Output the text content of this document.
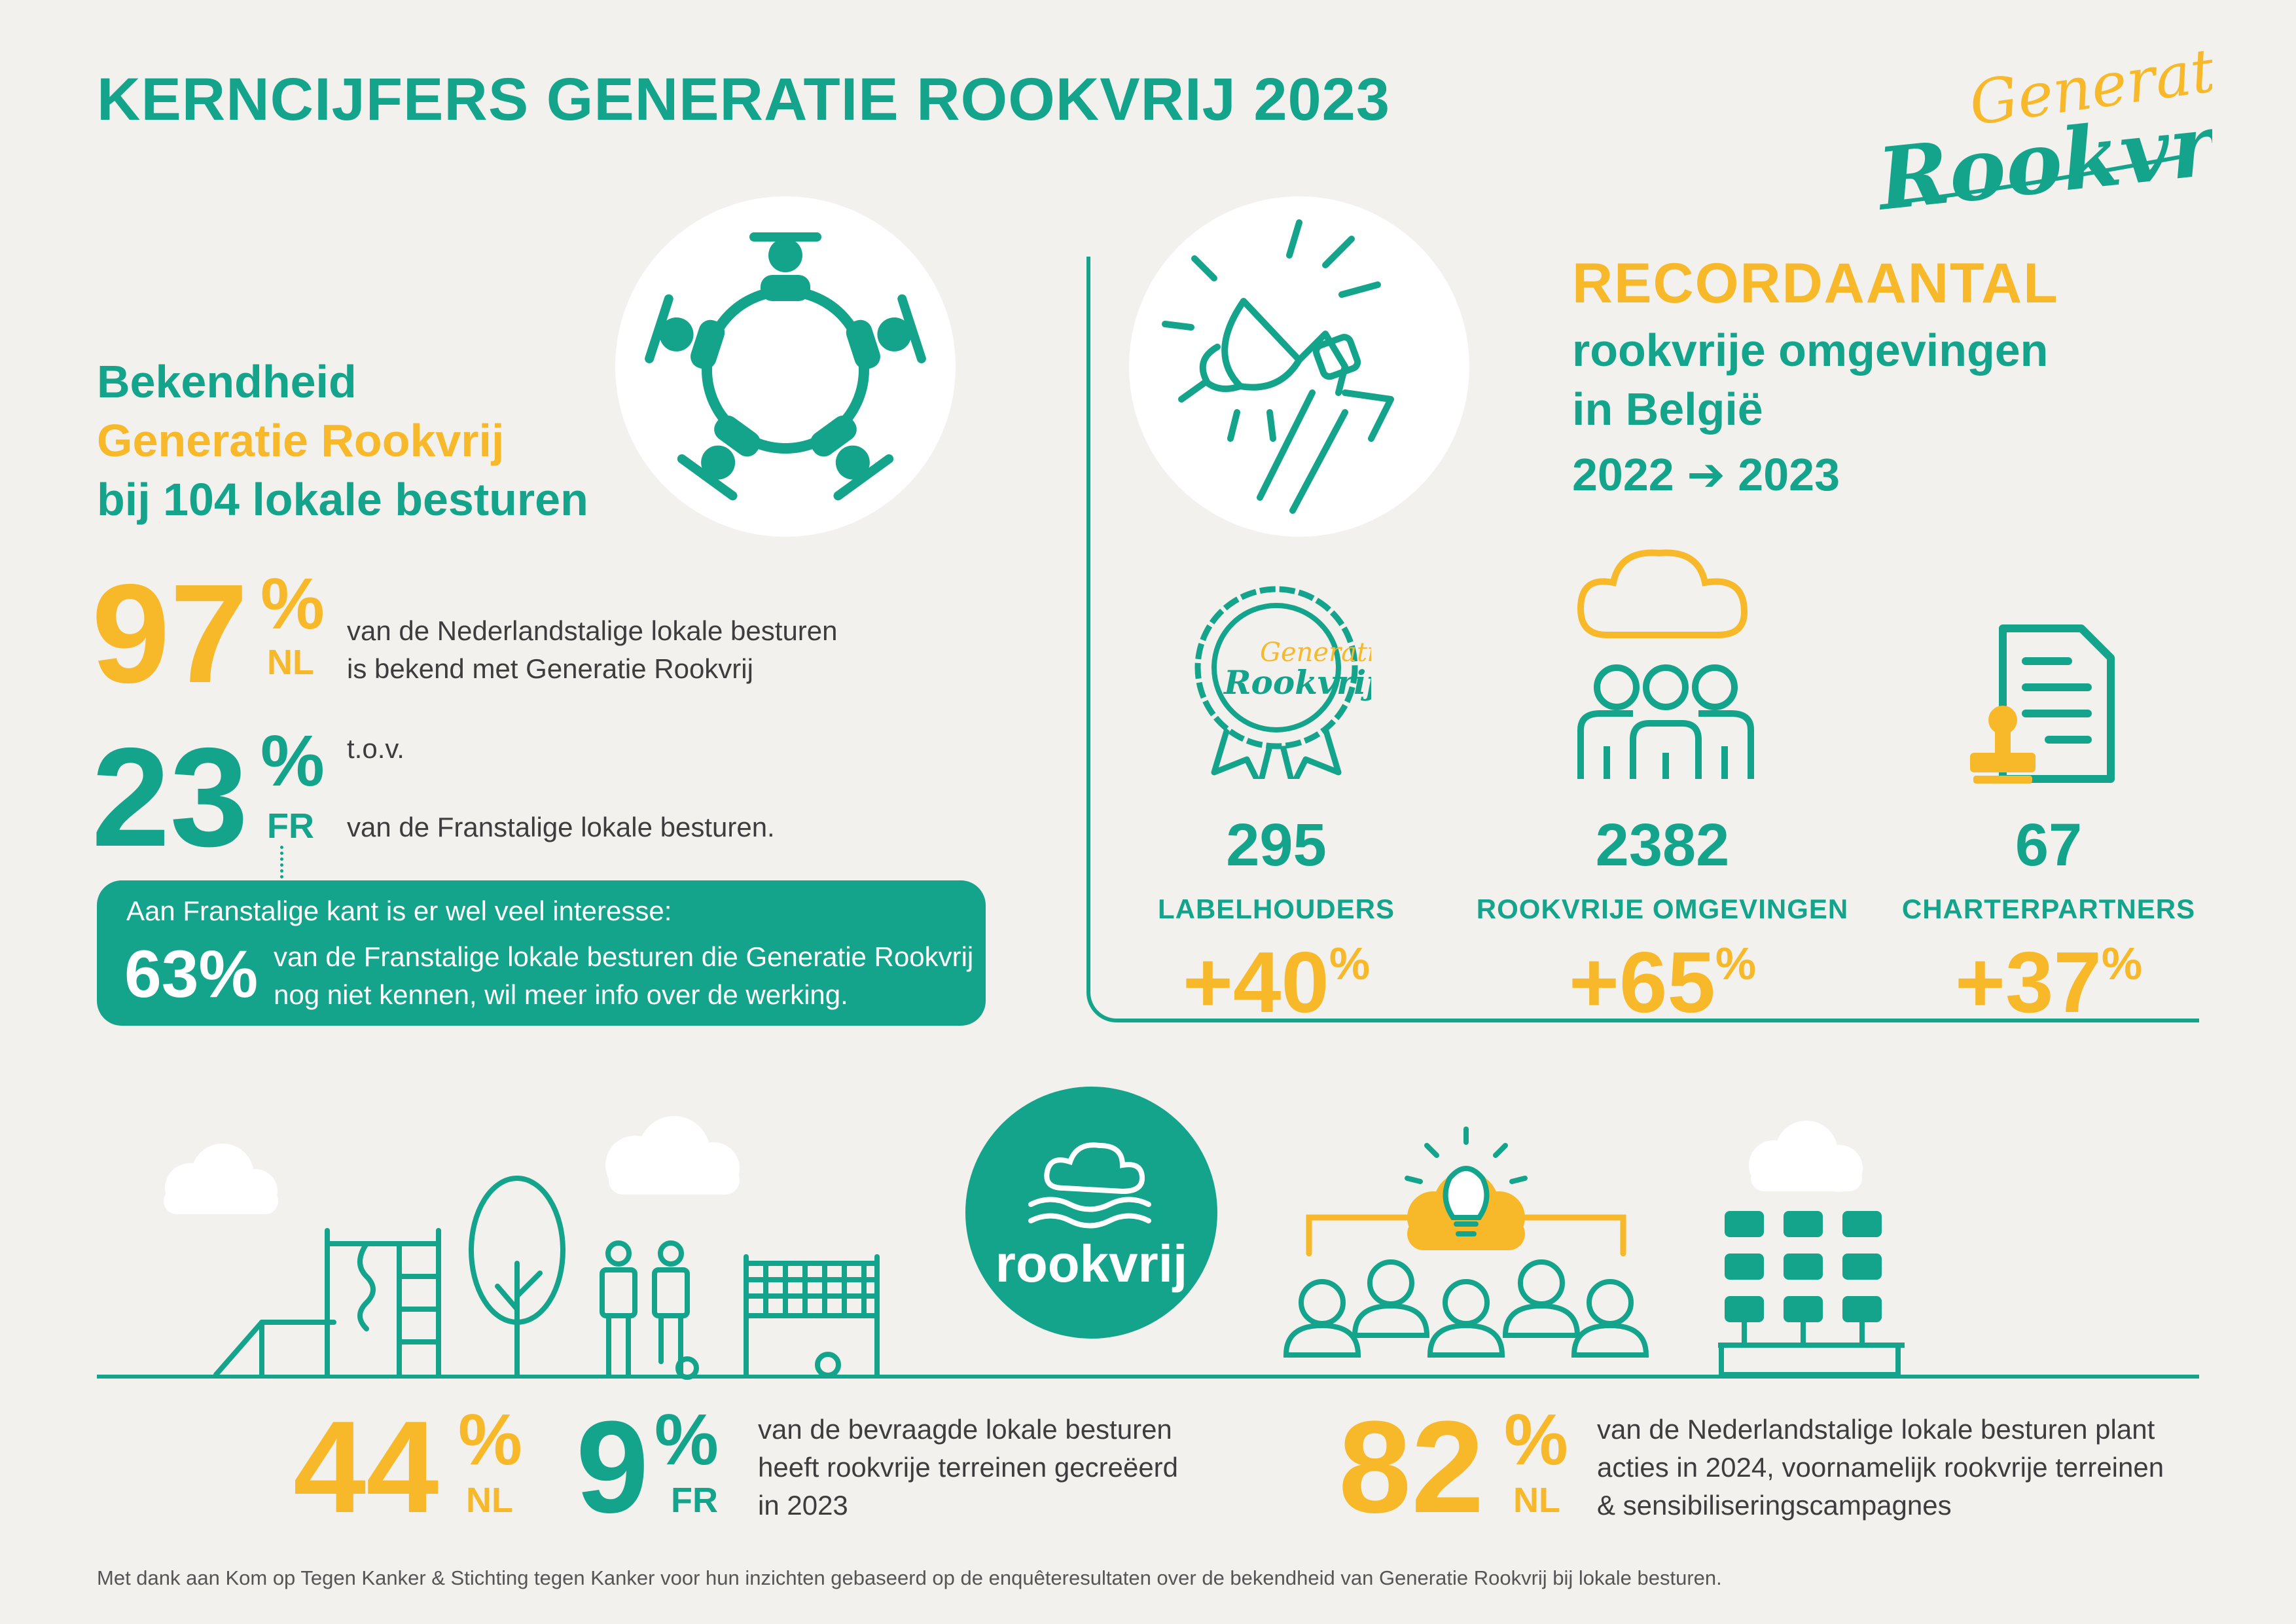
KERNCIJFERS GENERATIE ROOKVRIJ 2023	Generatie
Rookvrij
Bekendheid
Generatie Rookvrij
bij 104 lokale besturen
97 %
NL
van de Nederlandstalige lokale besturen
is bekend met Generatie Rookvrij
23 %
FR
t.o.v.
van de Franstalige lokale besturen.
Aan Franstalige kant is er wel veel interesse:
63% van de Franstalige lokale besturen die Generatie Rookvrij
nog niet kennen, wil meer info over de werking.
RECORDAANTAL
rookvrije omgevingen
in België
2022 ➔ 2023
Generat
Rookvrij
295
LABELHOUDERS
+40%
2382
ROOKVRIJE OMGEVINGEN
+65%
67
CHARTERPARTNERS
+37%
rookvrij
44 %
NL 9 %
FR
van de bevraagde lokale besturen
heeft rookvrije terreinen gecreëerd
in 2023	82 %
NL
van de Nederlandstalige lokale besturen plant
acties in 2024, voornamelijk rookvrije terreinen
& sensibiliseringscampagnes
Met dank aan Kom op Tegen Kanker & Stichting tegen Kanker voor hun inzichten gebaseerd op de enquêteresultaten over de bekendheid van Generatie Rookvrij bij lokale besturen.
